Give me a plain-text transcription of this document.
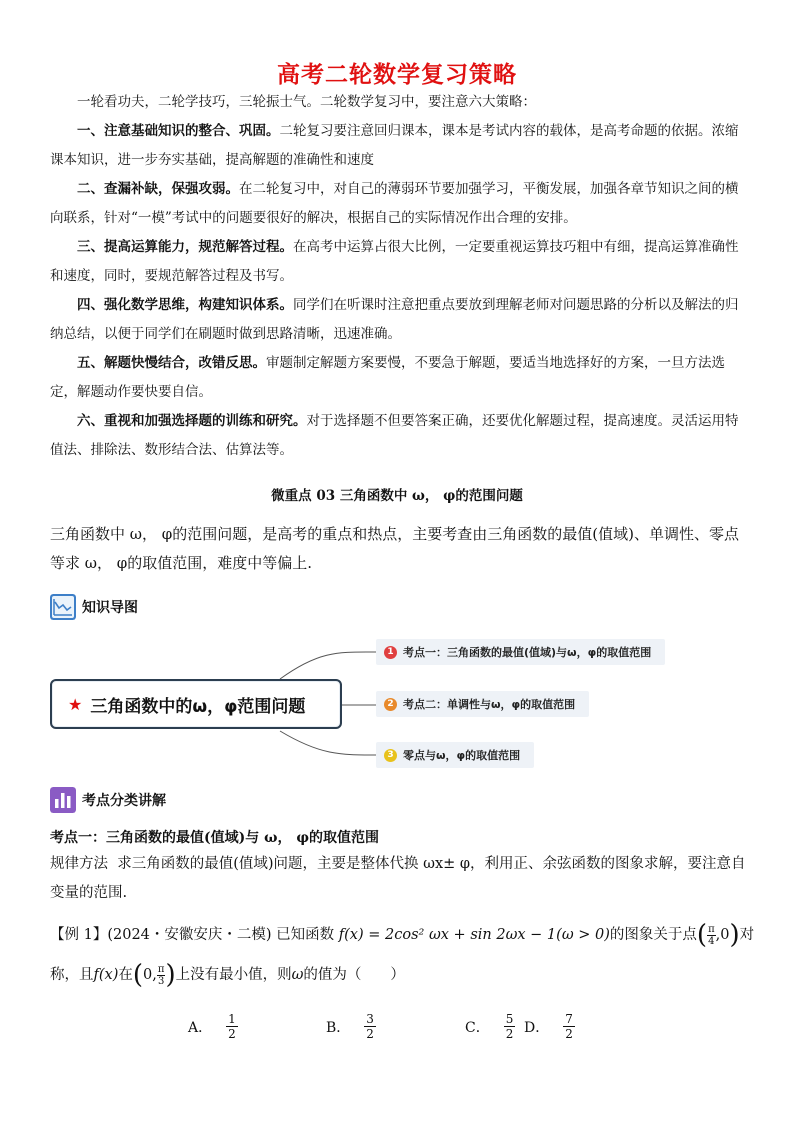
高考二轮数学复习策略

一轮看功夫，二轮学技巧，三轮振士气。二轮数学复习中，要注意六大策略：

一、注意基础知识的整合、巩固。二轮复习要注意回归课本，课本是考试内容的载体，是高考命题的依据。浓缩课本知识，进一步夯实基础，提高解题的准确性和速度

二、查漏补缺，保强攻弱。在二轮复习中，对自己的薄弱环节要加强学习，平衡发展，加强各章节知识之间的横向联系，针对“一模”考试中的问题要很好的解决，根据自己的实际情况作出合理的安排。

三、提高运算能力，规范解答过程。在高考中运算占很大比例，一定要重视运算技巧粗中有细，提高运算准确性和速度，同时，要规范解答过程及书写。

四、强化数学思维，构建知识体系。同学们在听课时注意把重点要放到理解老师对问题思路的分析以及解法的归纳总结，以便于同学们在刷题时做到思路清晰，迅速准确。

五、解题快慢结合，改错反思。审题制定解题方案要慢，不要急于解题，要适当地选择好的方案，一旦方法选定，解题动作要快要自信。

六、重视和加强选择题的训练和研究。对于选择题不但要答案正确，还要优化解题过程，提高速度。灵活运用特值法、排除法、数形结合法、估算法等。

微重点 03 三角函数中 ω， φ的范围问题
三角函数中 ω， φ的范围问题，是高考的重点和热点，主要考查由三角函数的最值(值域)、单调性、零点等求 ω， φ的取值范围，难度中等偏上.
知识导图
★ 三角函数中的ω，φ范围问题
1 考点一：三角函数的最值(值域)与ω，φ的取值范围
2 考点二：单调性与ω，φ的取值范围
3 零点与ω，φ的取值范围
考点分类讲解
考点一：三角函数的最值(值域)与 ω， φ的取值范围
规律方法 求三角函数的最值(值域)问题，主要是整体代换 ωx± φ，利用正、余弦函数的图象求解，要注意自变量的范围.
【例 1】(2024・安徽安庆・二模) 已知函数 f(x) = 2cos² ωx + sin 2ωx − 1(ω > 0)的图象关于点( $\frac{\pi}{4} ,0$)对
称，且f(x)在(0, $\frac{\pi}{3}$ )上没有最小值，则ω的值为（　　）
A． $\frac{1}{2}$	B． $\frac{3}{2}$	C． $\frac{5}{2}$ D． $\frac{7}{2}$
